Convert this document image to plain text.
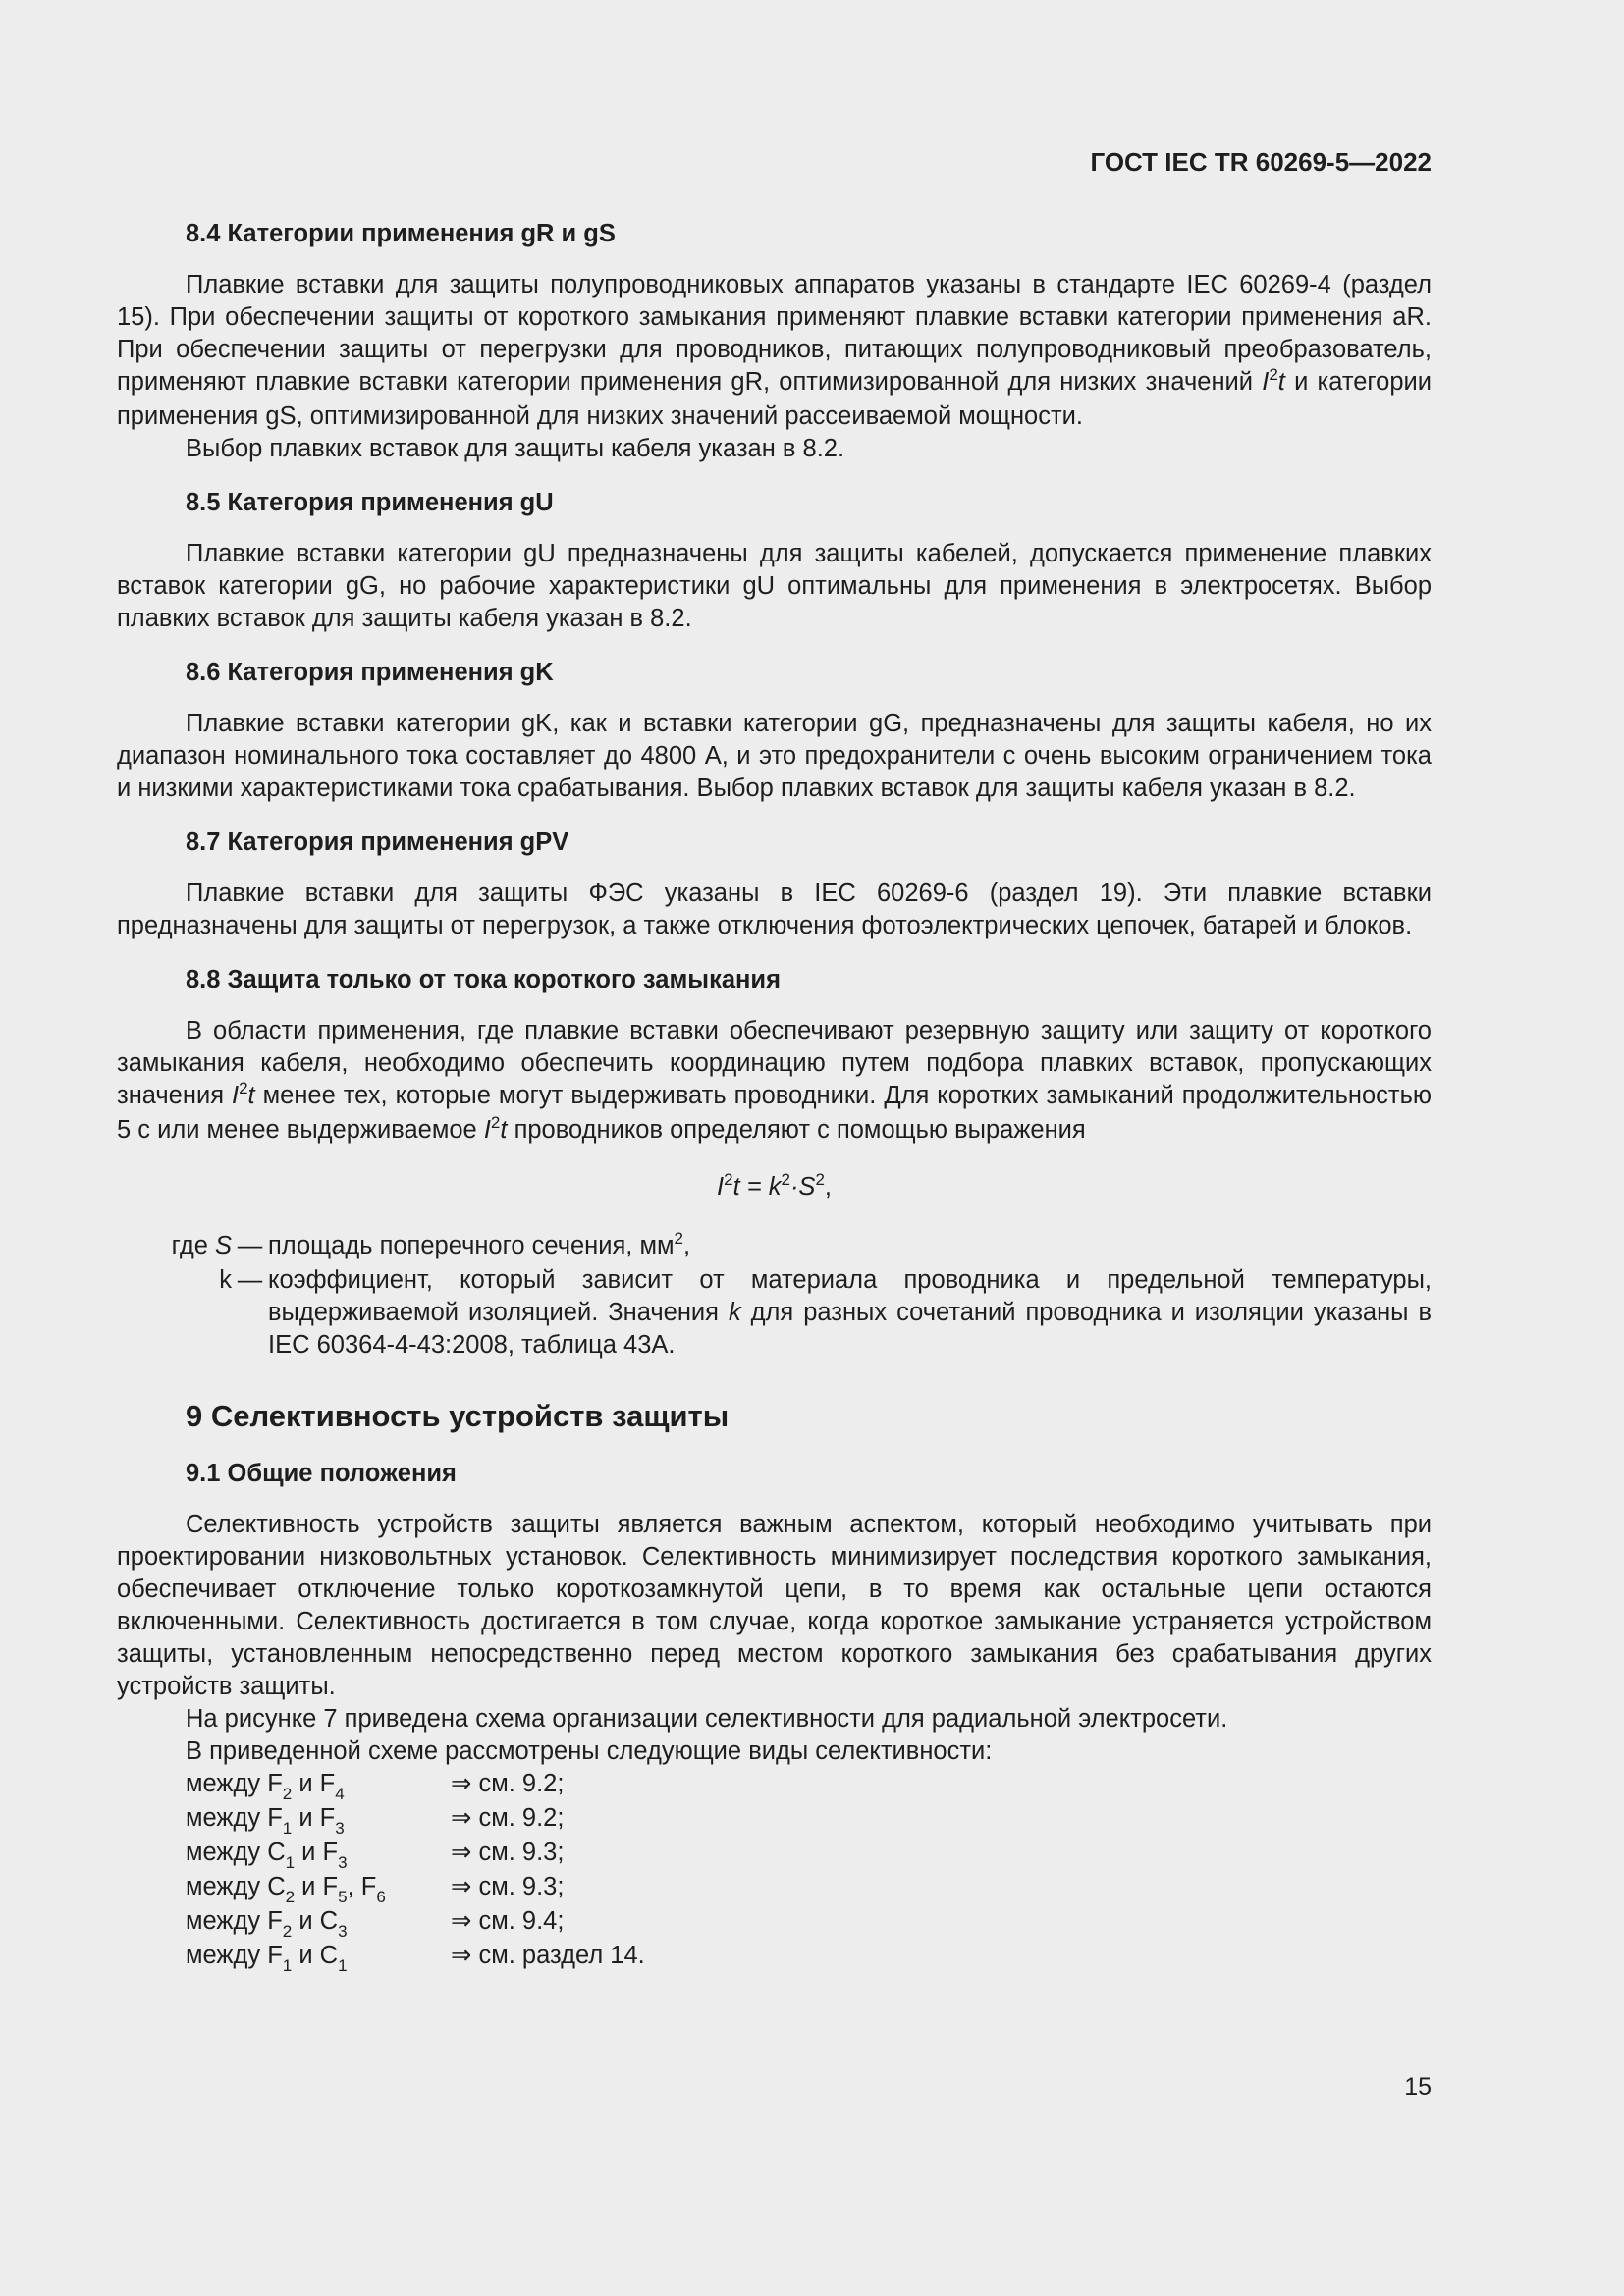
ГОСТ IEC TR 60269-5—2022
8.4 Категории применения gR и gS

Плавкие вставки для защиты полупроводниковых аппаратов указаны в стандарте IEC 60269-4 (раздел 15). При обеспечении защиты от короткого замыкания применяют плавкие вставки категории применения aR. При обеспечении защиты от перегрузки для проводников, питающих полупроводниковый преобразователь, применяют плавкие вставки категории применения gR, оптимизированной для низких значений $I^2t$ и категории применения gS, оптимизированной для низких значений рассеиваемой мощности.

Выбор плавких вставок для защиты кабеля указан в 8.2.

8.5 Категория применения gU

Плавкие вставки категории gU предназначены для защиты кабелей, допускается применение плавких вставок категории gG, но рабочие характеристики gU оптимальны для применения в электросетях. Выбор плавких вставок для защиты кабеля указан в 8.2.

8.6 Категория применения gK

Плавкие вставки категории gK, как и вставки категории gG, предназначены для защиты кабеля, но их диапазон номинального тока составляет до 4800 А, и это предохранители с очень высоким ограничением тока и низкими характеристиками тока срабатывания. Выбор плавких вставок для защиты кабеля указан в 8.2.

8.7 Категория применения gPV

Плавкие вставки для защиты ФЭС указаны в IEC 60269-6 (раздел 19). Эти плавкие вставки предназначены для защиты от перегрузок, а также отключения фотоэлектрических цепочек, батарей и блоков.

8.8 Защита только от тока короткого замыкания

В области применения, где плавкие вставки обеспечивают резервную защиту или защиту от короткого замыкания кабеля, необходимо обеспечить координацию путем подбора плавких вставок, пропускающих значения $I^2t$ менее тех, которые могут выдерживать проводники. Для коротких замыканий продолжительностью 5 с или менее выдерживаемое $I^2t$ проводников определяют с помощью выражения

$I^2t = k^2\cdot S^2$,
где S — площадь поперечного сечения, $мм^2$,
k — коэффициент, который зависит от материала проводника и предельной температуры, выдерживаемой изоляцией. Значения k для разных сочетаний проводника и изоляции указаны в IEC 60364-4-43:2008, таблица 43А.
9 Селективность устройств защиты
9.1 Общие положения

Селективность устройств защиты является важным аспектом, который необходимо учитывать при проектировании низковольтных установок. Селективность минимизирует последствия короткого замыкания, обеспечивает отключение только короткозамкнутой цепи, в то время как остальные цепи остаются включенными. Селективность достигается в том случае, когда короткое замыкание устраняется устройством защиты, установленным непосредственно перед местом короткого замыкания без срабатывания других устройств защиты.

На рисунке 7 приведена схема организации селективности для радиальной электросети.

В приведенной схеме рассмотрены следующие виды селективности:

между $F_2$ и $F_4$	⇒ см. 9.2;
между $F_1$ и $F_3$	⇒ см. 9.2;
между $C_1$ и $F_3$	⇒ см. 9.3;
между $C_2$ и $F_5$, $F_6$	⇒ см. 9.3;
между $F_2$ и $C_3$	⇒ см. 9.4;
между $F_1$ и $C_1$	⇒ см. раздел 14.
15
